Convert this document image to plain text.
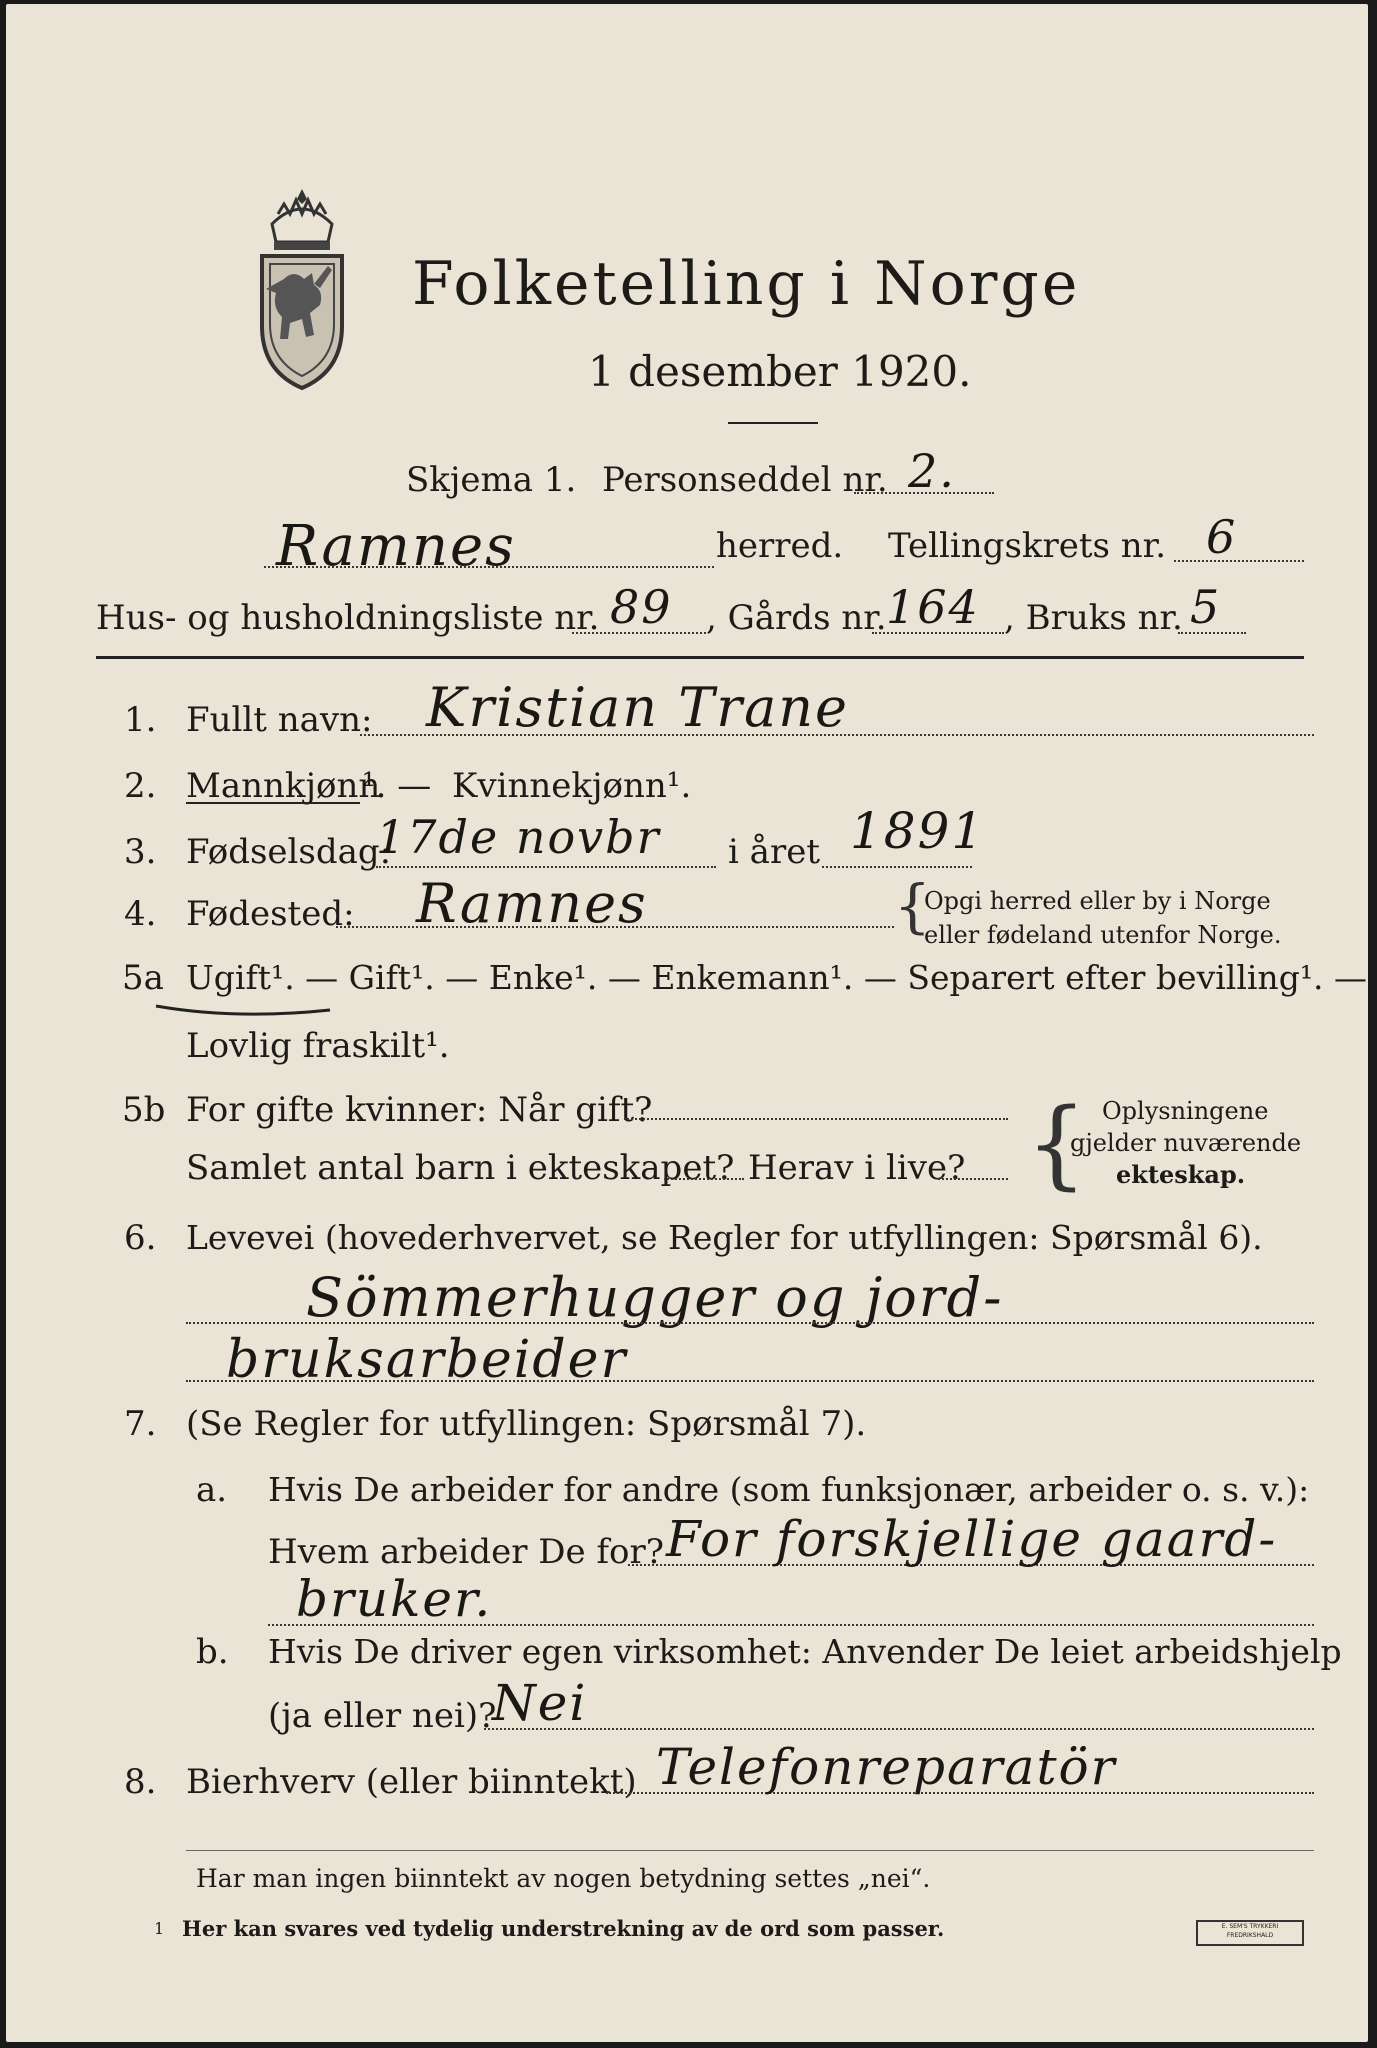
Folketelling i Norge
1 desember 1920.
Skjema 1. Personseddel nr. 2.
Ramnes	herred. Tellingskrets nr. 6
Hus- og husholdningsliste nr. 89 , Gårds nr. 164 , Bruks nr. 5
1. Fullt navn: Kristian Trane
2. Mannkjønn
¹. — Kvinnekjønn¹.
3. Fødselsdag:
17de novbr i året 1891
4. Fødested: Ramnes	{
Opgi herred eller by i Norge
eller fødeland utenfor Norge.
5a Ugift¹. — Gift¹. — Enke¹. — Enkemann¹. — Separert efter bevilling¹. —
Lovlig fraskilt¹.
5b For gifte kvinner: Når gift?
Samlet antal barn i ekteskapet? Herav i live? { Oplysningene
gjelder nuværende
ekteskap.
6. Levevei (hovederhvervet, se Regler for utfyllingen: Spørsmål 6).
Sömmerhugger og jord-
bruksarbeider
7. (Se Regler for utfyllingen: Spørsmål 7).
a. Hvis De arbeider for andre (som funksjonær, arbeider o. s. v.):
Hvem arbeider De for? For forskjellige gaard-
bruker.
b. Hvis De driver egen virksomhet: Anvender De leiet arbeidshjelp
(ja eller nei)?
Nei
8. Bierhverv (eller biinntekt) Telefonreparatör
Har man ingen biinntekt av nogen betydning settes „nei“.
1 Her kan svares ved tydelig understrekning av de ord som passer.	E. SEM'S TRYKKERI FREDRIKSHALD
